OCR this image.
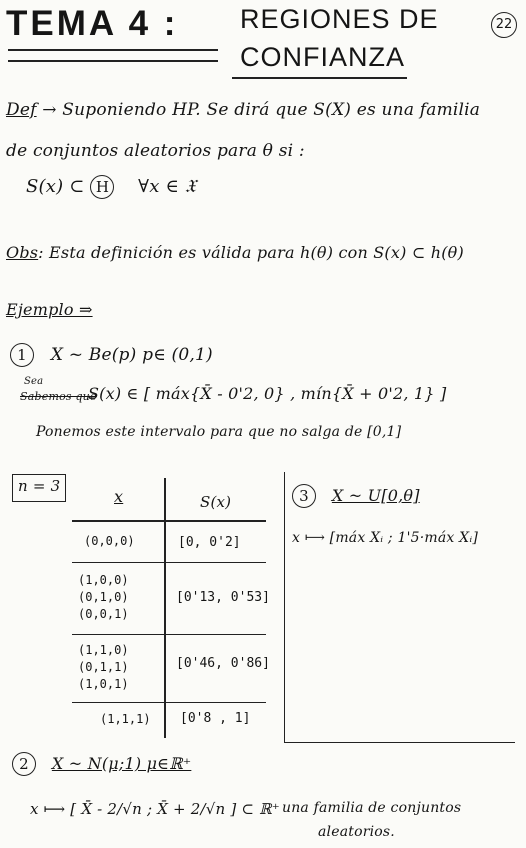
TEMA 4 : REGIONES DE
CONFIANZA
22
Def → Suponiendo HP. Se dirá que S(X) es una familia
de conjuntos aleatorios para θ si :
S(x) ⊂ H ∀x ∈ 𝔛
Obs: Esta definición es válida para h(θ) con S(x) ⊂ h(θ)
Ejemplo ⇒
1 X ~ Be(p) p∈ (0,1)
Sea
Sabemos que
S(x) ∈ [ máx{X̄ - 0'2, 0} , mín{X̄ + 0'2, 1} ]
Ponemos este intervalo para que no salga de [0,1]
n = 3
x	S(x)
(0,0,0)	[0, 0'2]
(1,0,0)
(0,1,0)
(0,0,1)
[0'13, 0'53]
(1,1,0)
(0,1,1)
(1,0,1)
[0'46, 0'86]
(1,1,1) [0'8 , 1]
3 X ~ U[0,θ]
x ⟼ [máx Xᵢ ; 1'5·máx Xᵢ]
2 X ~ N(μ;1) μ∈ℝ⁺
x ⟼ [ X̄ - 2/√n ; X̄ + 2/√n ] ⊂ ℝ⁺ una familia de conjuntos
aleatorios.
